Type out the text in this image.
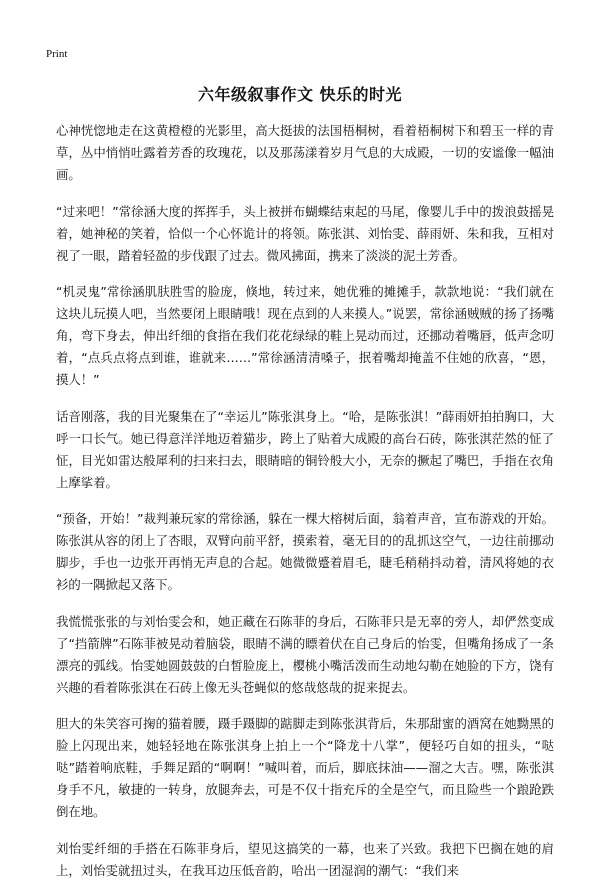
Print
六年级叙事作文 快乐的时光

心神恍惚地走在这黄橙橙的光影里，高大挺拔的法国梧桐树，看着梧桐树下和碧玉一样的青草，丛中悄悄吐露着芳香的玫瑰花，以及那荡漾着岁月气息的大成殿，一切的安谧像一幅油画。

“过来吧！”常徐涵大度的挥挥手，头上被拼布蝴蝶结束起的马尾，像婴儿手中的拨浪鼓摇晃着，她神秘的笑着，恰似一个心怀诡计的将领。陈张淇、刘怡雯、薛雨妍、朱和我，互相对视了一眼，踏着轻盈的步伐跟了过去。微风拂面，携来了淡淡的泥土芳香。

“机灵鬼”常徐涵肌肤胜雪的脸庞，倏地，转过来，她优雅的摊摊手，款款地说：“我们就在这块儿玩摸人吧，当然要闭上眼睛哦！现在点到的人来摸人。”说罢，常徐涵贼贼的扬了扬嘴角，弯下身去，伸出纤细的食指在我们花花绿绿的鞋上晃动而过，还挪动着嘴唇，低声念叨着，“点兵点将点到谁，谁就来……”常徐涵清清嗓子，抿着嘴却掩盖不住她的欣喜，“恩，摸人！”

话音刚落，我的目光聚集在了“幸运儿”陈张淇身上。“哈，是陈张淇！”薛雨妍拍拍胸口，大呼一口长气。她已得意洋洋地迈着猫步，跨上了贴着大成殿的高台石砖，陈张淇茫然的怔了怔，目光如雷达般犀利的扫来扫去，眼睛暗的铜铃般大小，无奈的撅起了嘴巴，手指在衣角上摩挲着。

“预备，开始！”裁判兼玩家的常徐涵，躲在一棵大榕树后面，翁着声音，宣布游戏的开始。陈张淇从容的闭上了杏眼，双臂向前平舒，摸索着，毫无目的的乱抓这空气，一边往前挪动脚步，手也一边张开再悄无声息的合起。她微微蹙着眉毛，睫毛稍稍抖动着，清风将她的衣衫的一隅掀起又落下。

我慌慌张张的与刘怡雯会和，她正藏在石陈菲的身后，石陈菲只是无辜的旁人，却俨然变成了“挡箭牌”石陈菲被晃动着脑袋，眼睛不满的瞟着伏在自己身后的怡雯，但嘴角扬成了一条漂亮的弧线。怡雯她圆鼓鼓的白皙脸庞上，樱桃小嘴活泼而生动地勾勒在她脸的下方，饶有兴趣的看着陈张淇在石砖上像无头苍蝇似的悠哉悠哉的捉来捉去。

胆大的朱笑容可掬的猫着腰，蹑手蹑脚的踮脚走到陈张淇背后，朱那甜蜜的酒窝在她黝黑的脸上闪现出来，她轻轻地在陈张淇身上拍上一个“降龙十八掌”，便轻巧自如的扭头，“哒哒”踏着响底鞋，手舞足蹈的“啊啊！”喊叫着，而后，脚底抹油——溜之大吉。嘿，陈张淇身手不凡，敏捷的一转身，放腿奔去，可是不仅十指充斥的全是空气，而且险些一个踉跄跌倒在地。

刘怡雯纤细的手搭在石陈菲身后，望见这搞笑的一幕，也来了兴致。我把下巴搁在她的肩上，刘怡雯就扭过头，在我耳边压低音韵，哈出一团湿润的潮气：“我们来
